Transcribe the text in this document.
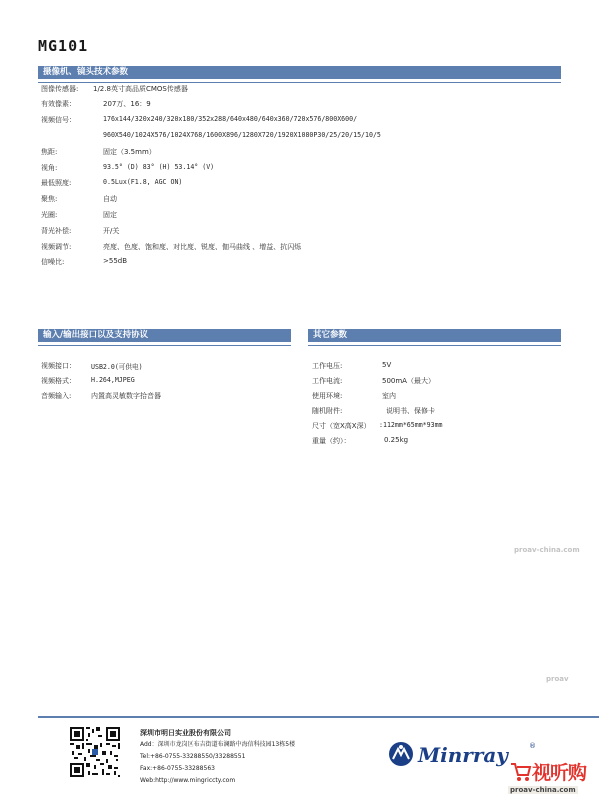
MG101
摄像机、镜头技术参数
图像传感器: 1/2.8英寸高品质CMOS传感器
有效像素：	207万、16：9
视频信号：	176x144/320x240/320x180/352x288/640x480/640x360/720x576/800X600/
960X540/1024X576/1024X768/1600X896/1280X720/1920X1080P30/25/20/15/10/5
焦距:	固定（3.5mm）
视角:	93.5° (D) 83° (H) 53.14° (V)
最低照度:	0.5Lux(F1.8, AGC ON)
聚焦:	自动
光圈:	固定
背光补偿:	开/关
视频调节:	亮度、色度、饱和度、对比度、锐度、伽马曲线 、增益、抗闪烁
信噪比:	>55dB
输入/输出接口以及支持协议
视频接口： USB2.0(可供电)
视频格式： H.264,MJPEG
音频输入:	内置高灵敏数字拾音器
其它参数
工作电压:	5V
工作电流:	500mA（最大）
使用环境:	室内
随机附件:	说明书、保修卡
尺寸（宽X高X深） :112mm*65mm*93mm
重量（约）：	0.25kg
proav-china.com
proav
深圳市明日实业股份有限公司
Add：深圳市龙岗区布吉街道布澜路中海信科技园13栋5楼
Tel:+86-0755-33288550/33288551
Fax:+86-0755-33288563
Web:http://www.mingriccty.com
Minrray	®
视听购
proav-china.com
